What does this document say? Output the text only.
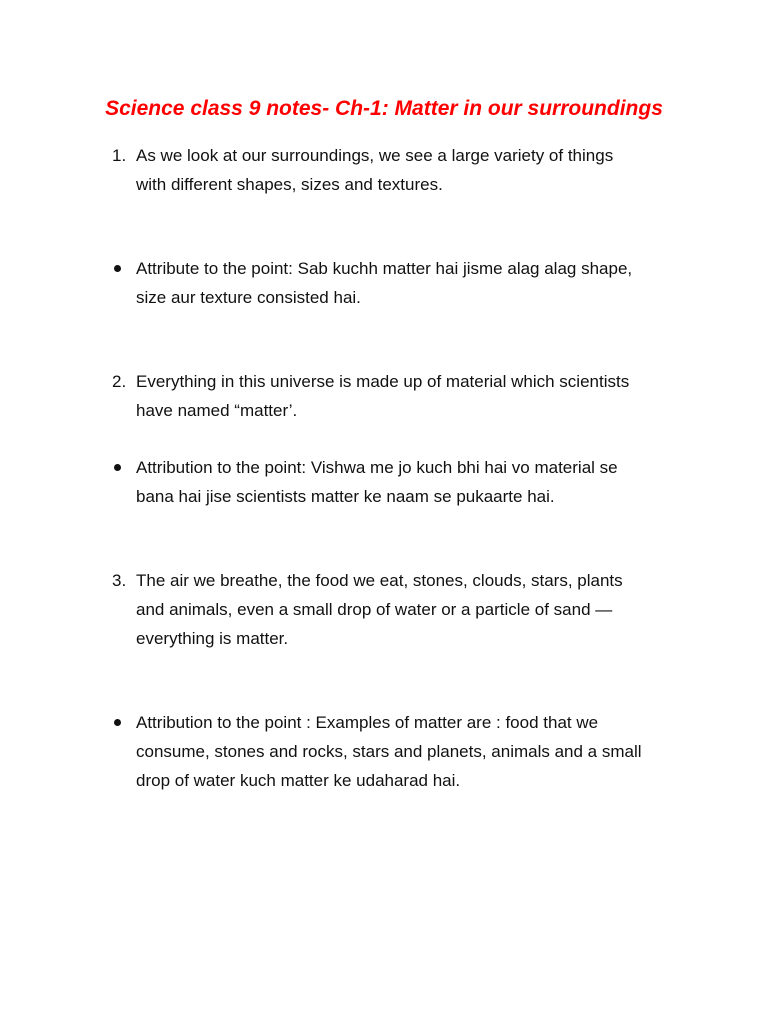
Science class 9 notes- Ch-1: Matter in our surroundings
1. As we look at our surroundings, we see a large variety of things
with different shapes, sizes and textures.
Attribute to the point: Sab kuchh matter hai jisme alag alag shape,
size aur texture consisted hai.
2. Everything in this universe is made up of material which scientists
have named “matter’.
Attribution to the point: Vishwa me jo kuch bhi hai vo material se
bana hai jise scientists matter ke naam se pukaarte hai.
3. The air we breathe, the food we eat, stones, clouds, stars, plants
and animals, even a small drop of water or a particle of sand —
everything is matter.
Attribution to the point : Examples of matter are : food that we
consume, stones and rocks, stars and planets, animals and a small
drop of water kuch matter ke udaharad hai.
